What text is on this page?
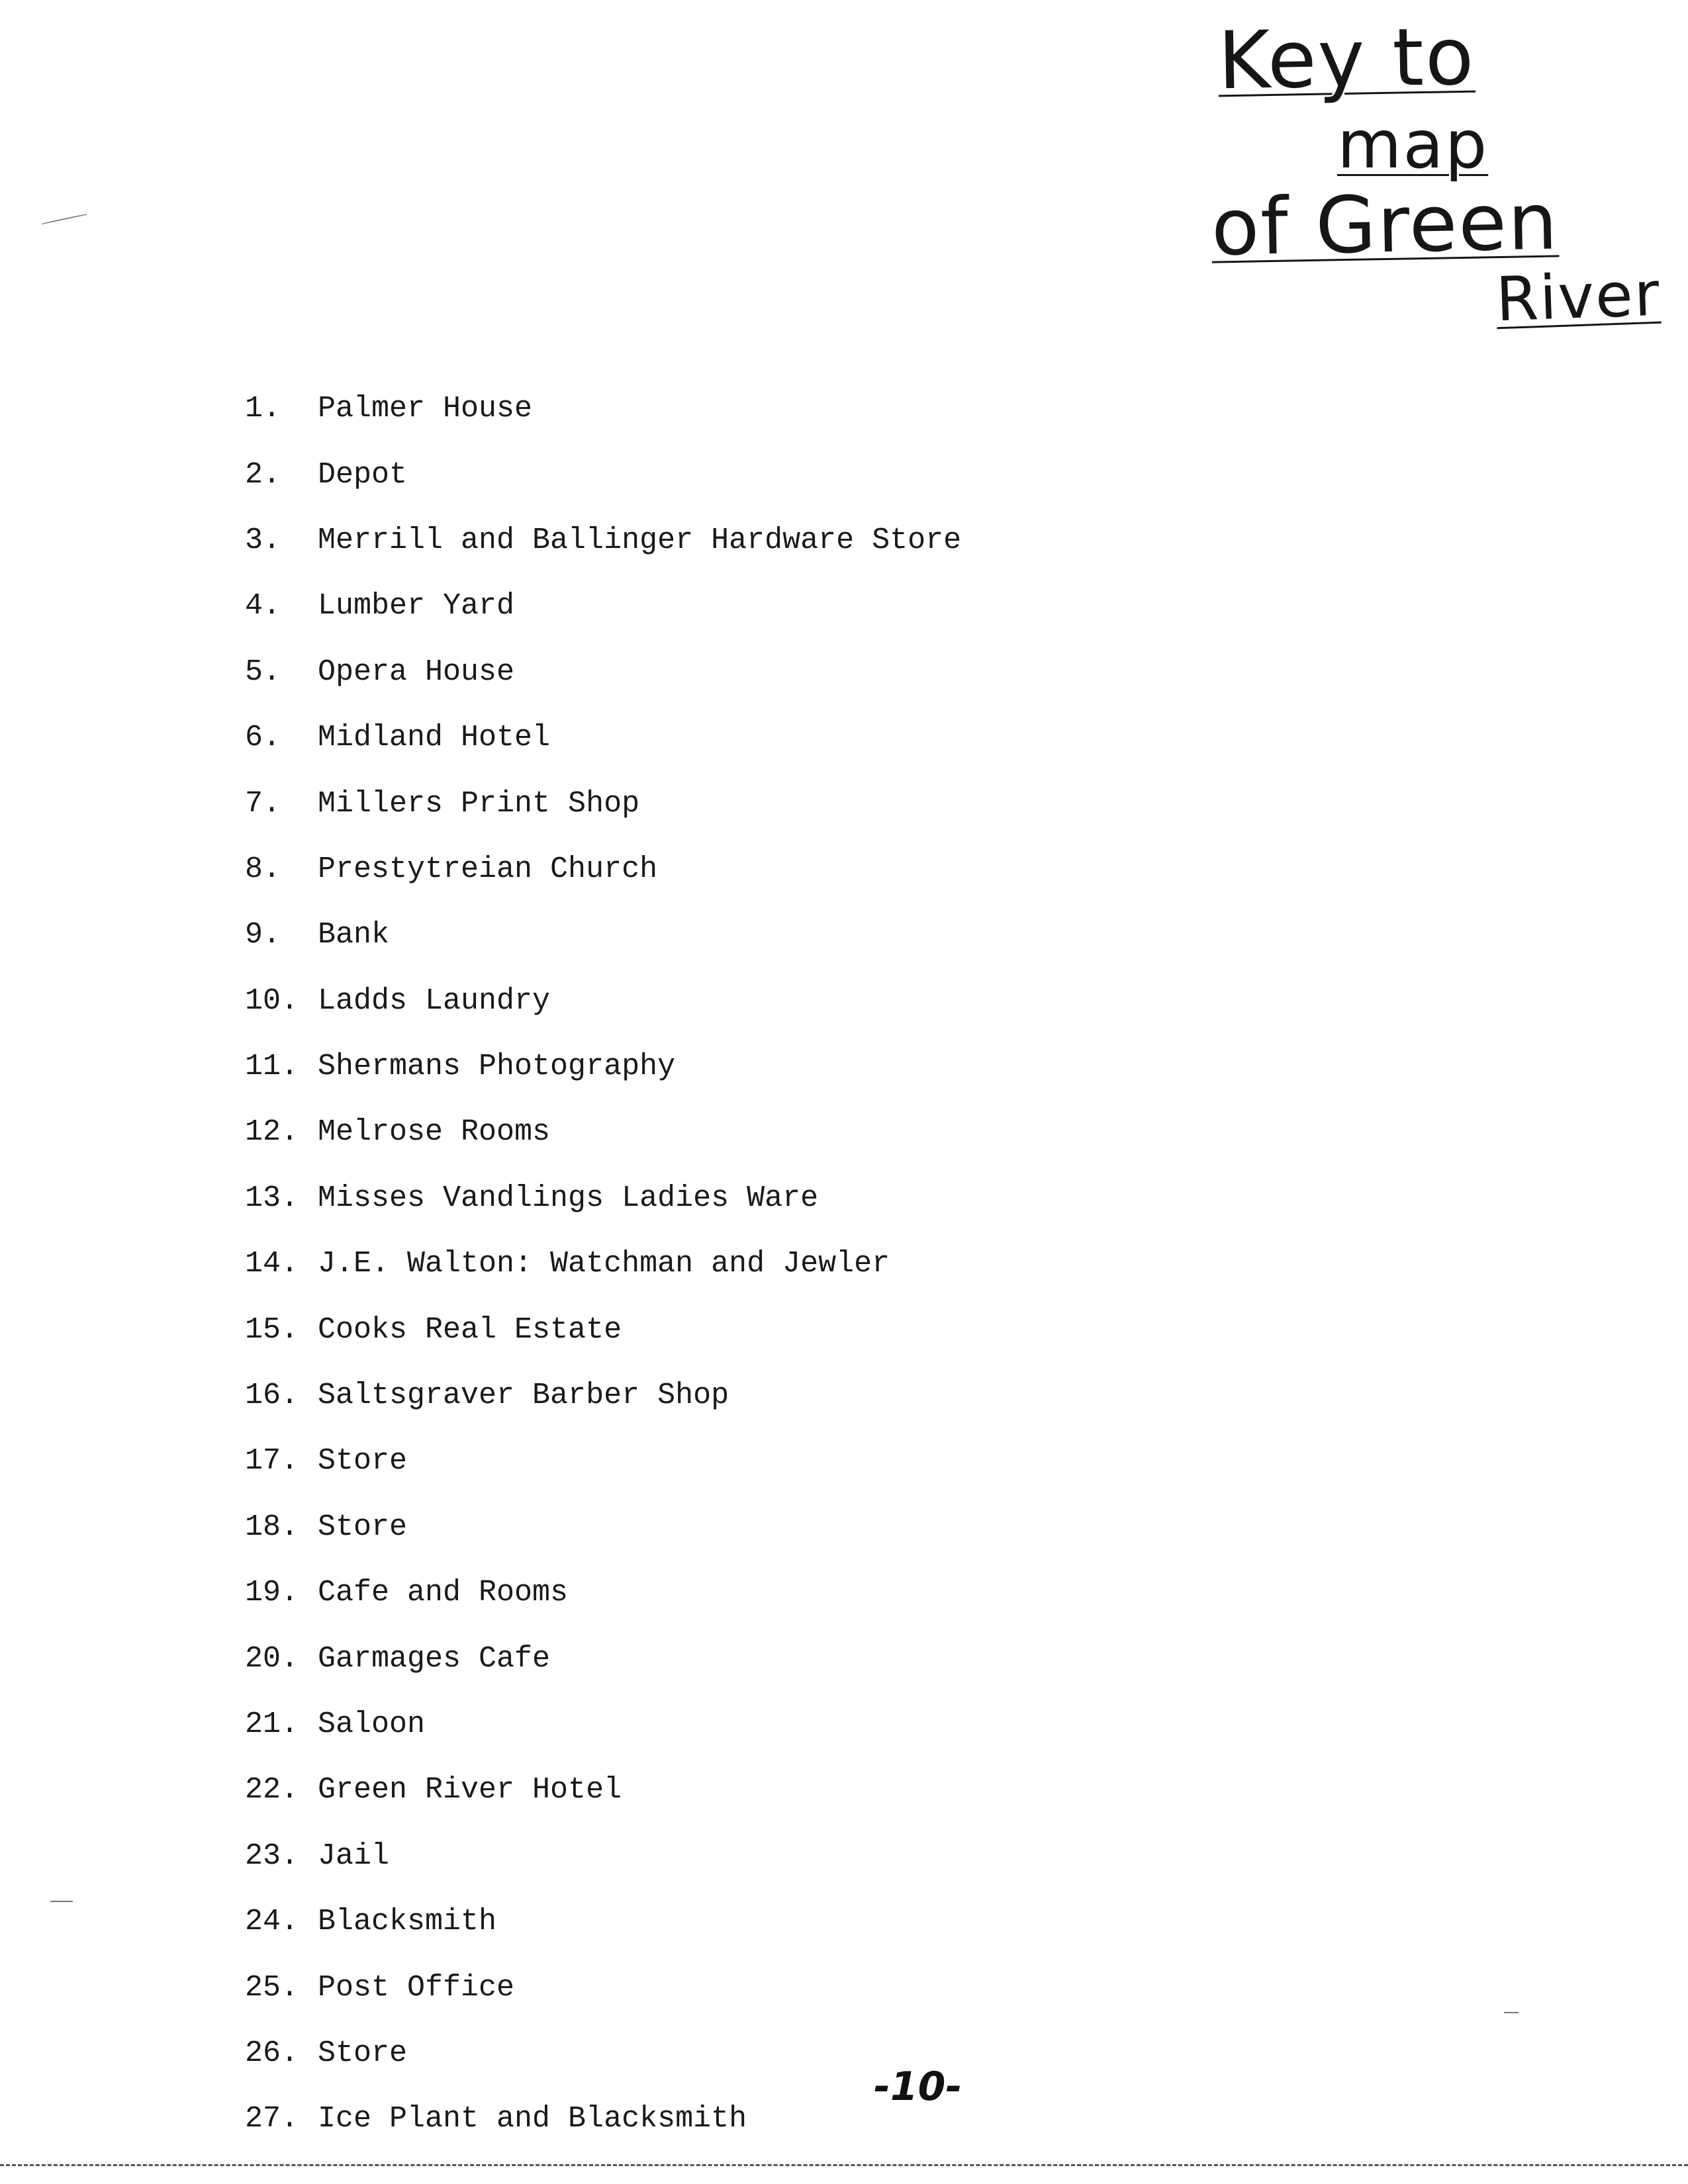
Key to
map
of Green
River
1.	Palmer House
2.	Depot
3.	Merrill and Ballinger Hardware Store
4.	Lumber Yard
5.	Opera House
6.	Midland Hotel
7.	Millers Print Shop
8.	Prestytreian Church
9.	Bank
10. Ladds Laundry
11. Shermans Photography
12. Melrose Rooms
13. Misses Vandlings Ladies Ware
14. J.E. Walton: Watchman and Jewler
15. Cooks Real Estate
16. Saltsgraver Barber Shop
17. Store
18. Store
19. Cafe and Rooms
20. Garmages Cafe
21. Saloon
22. Green River Hotel
23. Jail
24. Blacksmith
25. Post Office
26. Store
27. Ice Plant and Blacksmith
-10-
